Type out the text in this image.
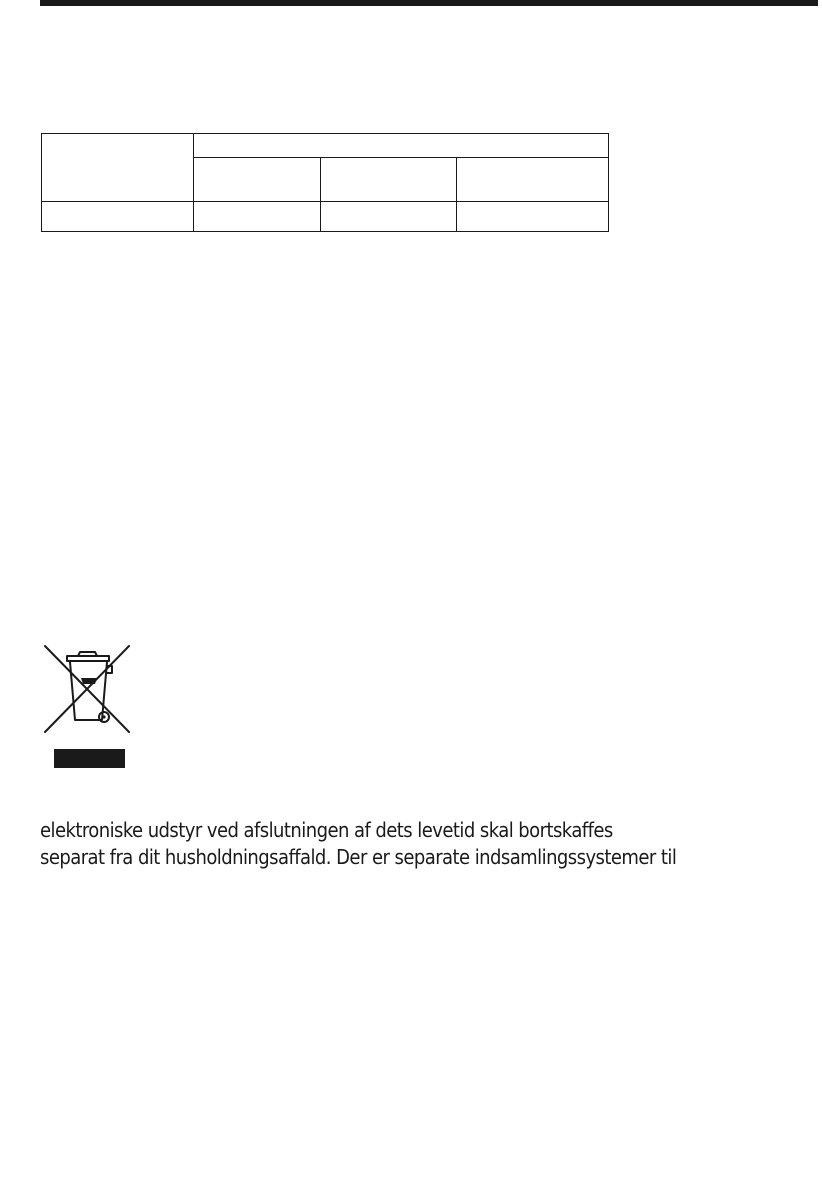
elektroniske udstyr ved afslutningen af dets levetid skal bortskaffes

separat fra dit husholdningsaffald. Der er separate indsamlingssystemer til
